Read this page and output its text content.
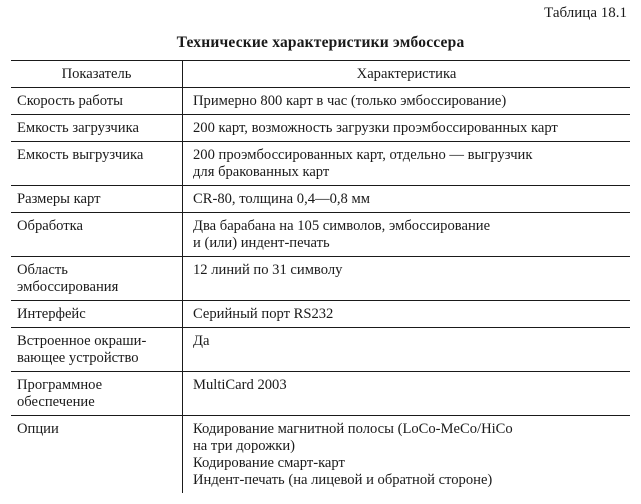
Таблица 18.1
Технические характеристики эмбоссера
Показатель	Характеристика

Скорость работы	Примерно 800 карт в час (только эмбоссирование)

Емкость загрузчика	200 карт, возможность загрузки проэмбоссированных карт

Емкость выгрузчика	200 проэмбоссированных карт, отдельно — выгрузчик
для бракованных карт

Размеры карт	CR-80, толщина 0,4—0,8 мм

Обработка	Два барабана на 105 символов, эмбоссирование
и (или) индент-печать

Область
эмбоссирования	12 линий по 31 символу

Интерфейс	Серийный порт RS232

Встроенное окраши-
вающее устройство	Да

Программное
обеспечение	MultiCard 2003

Опции	Кодирование магнитной полосы (LoCo-MeCo/HiCo
на три дорожки)
Кодирование смарт-карт
Индент-печать (на лицевой и обратной стороне)
